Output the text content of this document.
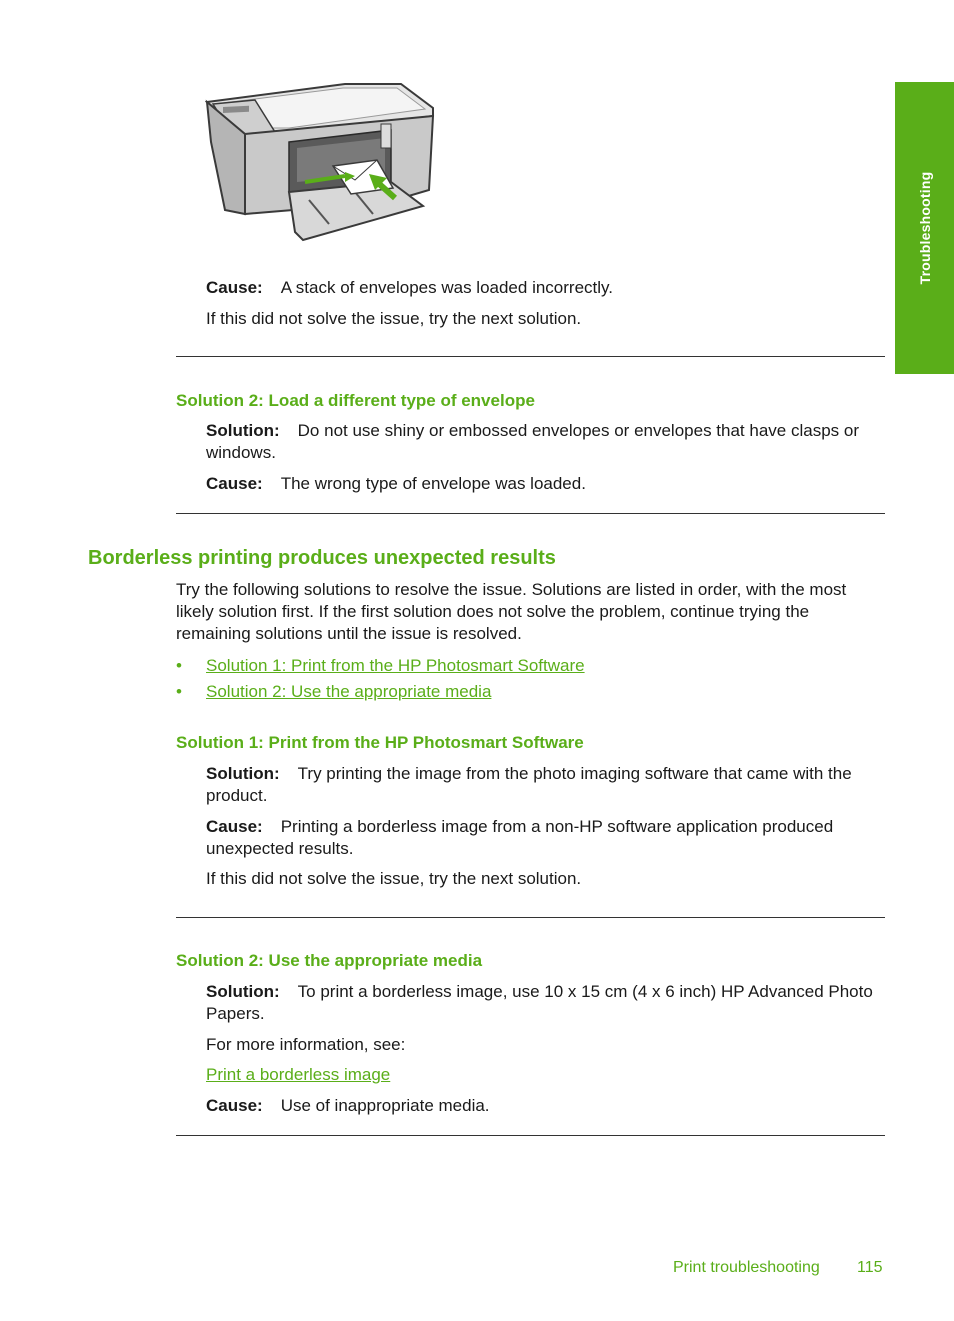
Troubleshooting
Cause: A stack of envelopes was loaded incorrectly.
If this did not solve the issue, try the next solution.
Solution 2: Load a different type of envelope
Solution: Do not use shiny or embossed envelopes or envelopes that have clasps or windows.
Cause: The wrong type of envelope was loaded.
Borderless printing produces unexpected results
Try the following solutions to resolve the issue. Solutions are listed in order, with the most likely solution first. If the first solution does not solve the problem, continue trying the remaining solutions until the issue is resolved.
• Solution 1: Print from the HP Photosmart Software
• Solution 2: Use the appropriate media
Solution 1: Print from the HP Photosmart Software
Solution: Try printing the image from the photo imaging software that came with the product.
Cause: Printing a borderless image from a non-HP software application produced unexpected results.
If this did not solve the issue, try the next solution.
Solution 2: Use the appropriate media
Solution: To print a borderless image, use 10 x 15 cm (4 x 6 inch) HP Advanced Photo Papers.
For more information, see:
Print a borderless image
Cause: Use of inappropriate media.
Print troubleshooting 115
